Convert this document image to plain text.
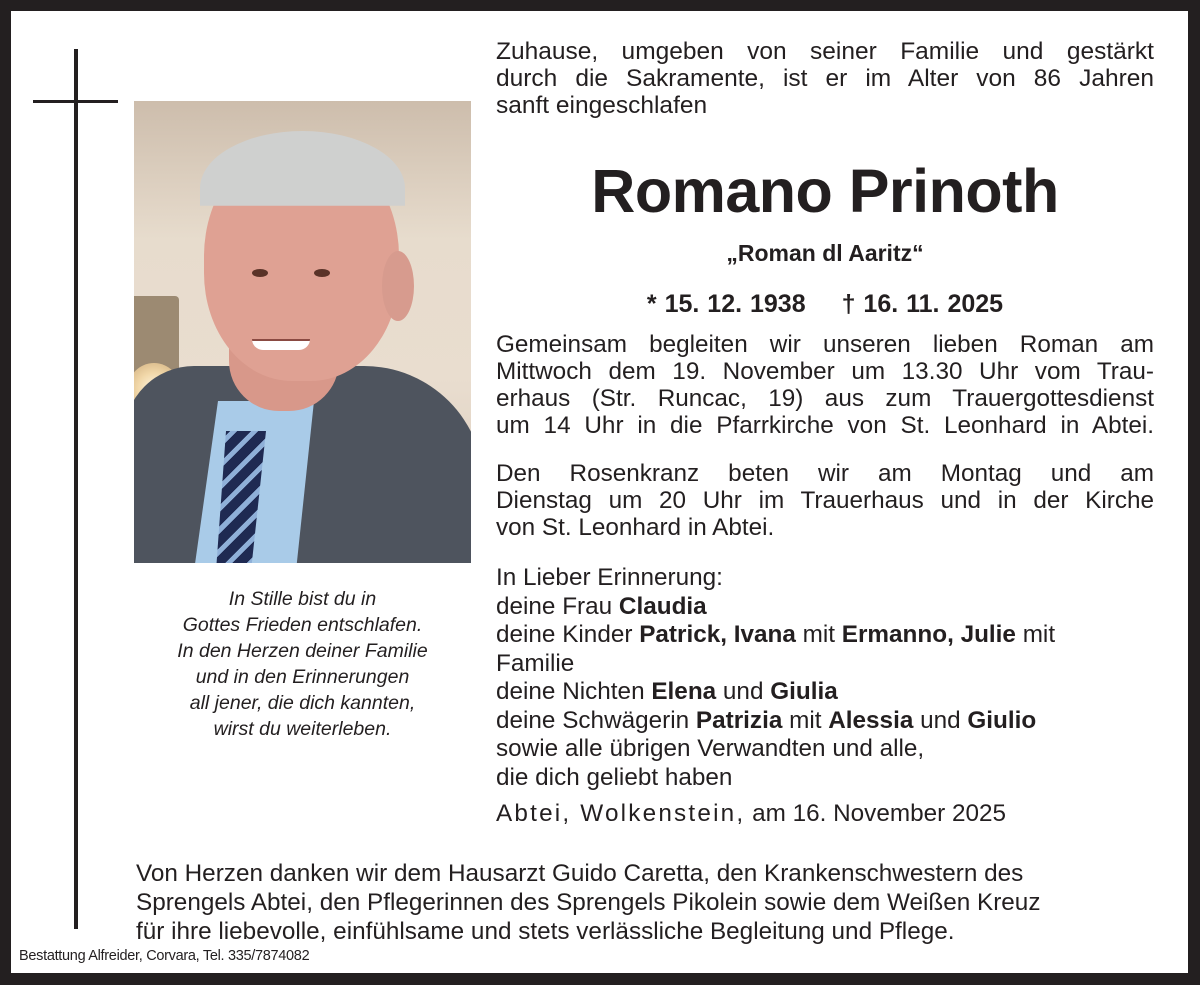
In Stille bist du in
Gottes Frieden entschlafen.
In den Herzen deiner Familie
und in den Erinnerungen
all jener, die dich kannten,
wirst du weiterleben.
Zuhause, umgeben von seiner Familie und gestärkt
durch die Sakramente, ist er im Alter von 86 Jahren
sanft eingeschlafen
Romano Prinoth
„Roman dl Aaritz“
* 15. 12. 1938 † 16. 11. 2025
Gemeinsam begleiten wir unseren lieben Roman am
Mittwoch dem 19. November um 13.30 Uhr vom Trau-
erhaus (Str. Runcac, 19) aus zum Trauergottesdienst
um 14 Uhr in die Pfarrkirche von St. Leonhard in Abtei.
Den Rosenkranz beten wir am Montag und am
Dienstag um 20 Uhr im Trauerhaus und in der Kirche
von St. Leonhard in Abtei.
In Lieber Erinnerung:
deine Frau Claudia
deine Kinder Patrick, Ivana mit Ermanno, Julie mit
Familie
deine Nichten Elena und Giulia
deine Schwägerin Patrizia mit Alessia und Giulio
sowie alle übrigen Verwandten und alle,
die dich geliebt haben
Abtei, Wolkenstein, am 16. November 2025
Von Herzen danken wir dem Hausarzt Guido Caretta, den Krankenschwestern des
Sprengels Abtei, den Pflegerinnen des Sprengels Pikolein sowie dem Weißen Kreuz
für ihre liebevolle, einfühlsame und stets verlässliche Begleitung und Pflege.
Bestattung Alfreider, Corvara, Tel. 335/7874082
